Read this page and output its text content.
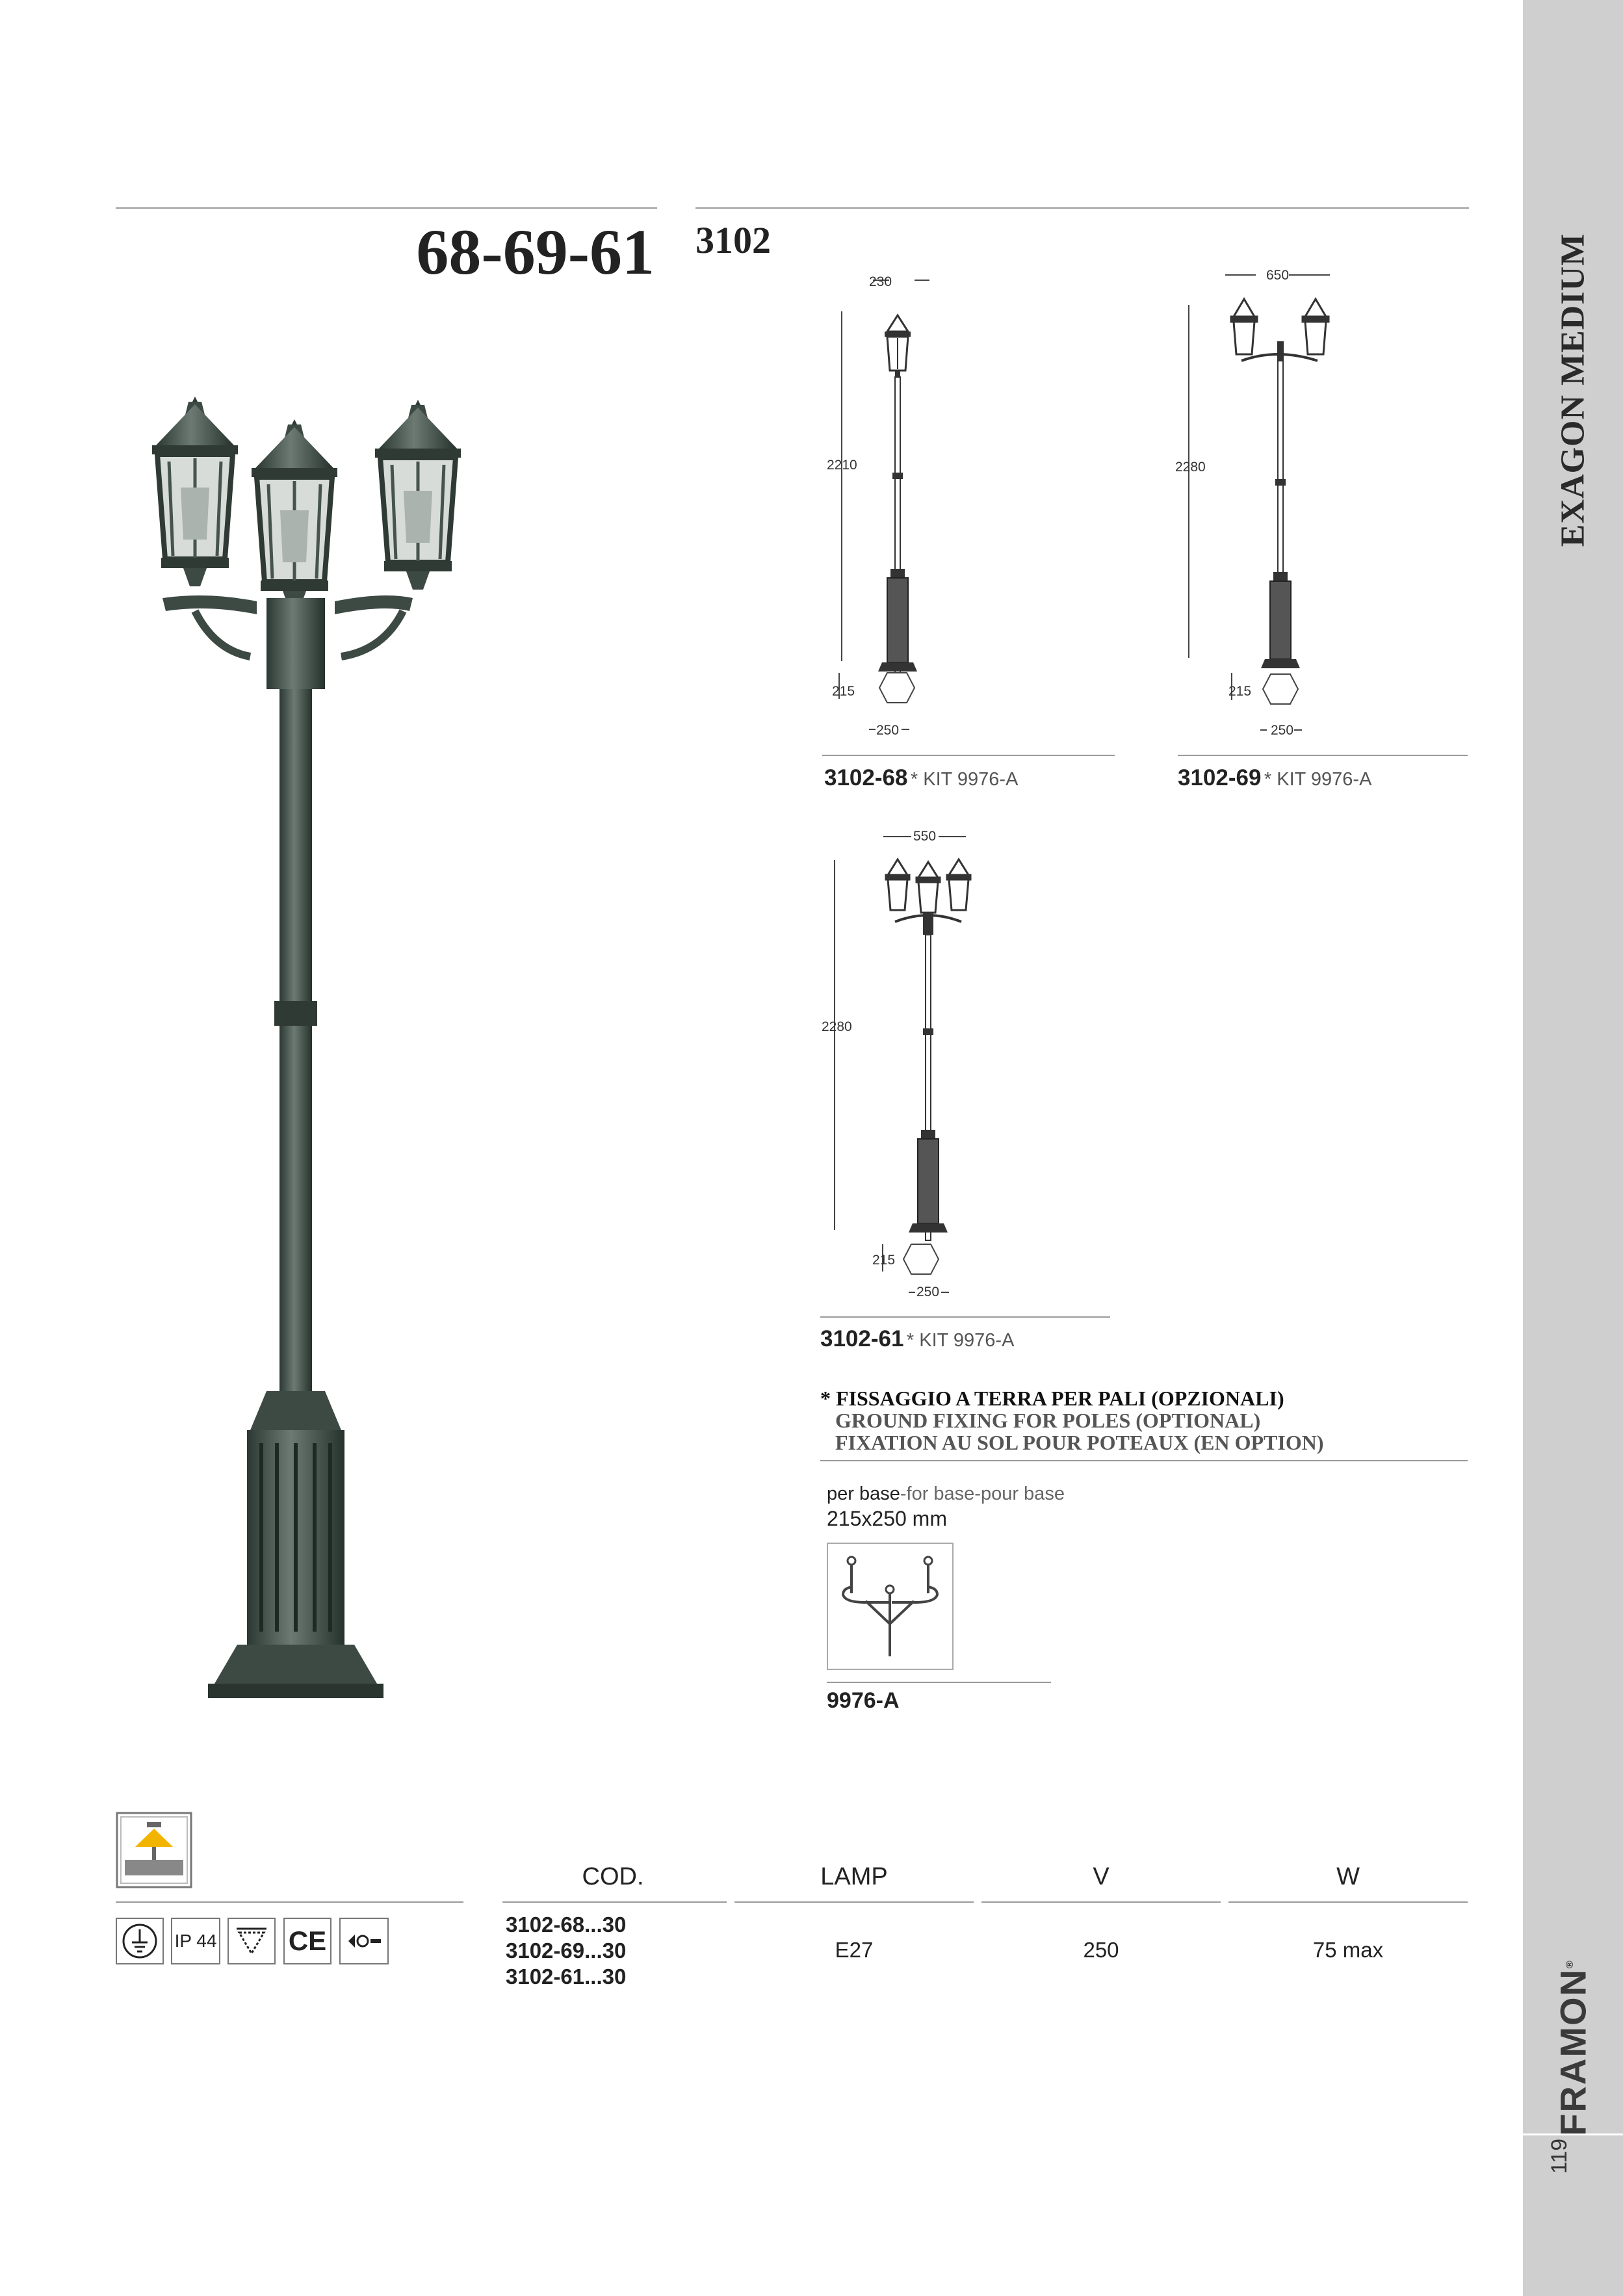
EXAGON MEDIUM
FRAMON®
119
68-69-61 3102
230
2210
215
250
650
2280
215
250
550
2280
215
250
3102-68 * KIT 9976-A	3102-69 * KIT 9976-A
3102-61 * KIT 9976-A
* FISSAGGIO A TERRA PER PALI (OPZIONALI)
GROUND FIXING FOR POLES (OPTIONAL)
FIXATION AU SOL POUR POTEAUX (EN OPTION)
per base-for base-pour base
215x250 mm
9976-A
IP 44	CE
COD.	LAMP	V	W
3102-68...30
3102-69...30
3102-61...30
E27	250	75 max
